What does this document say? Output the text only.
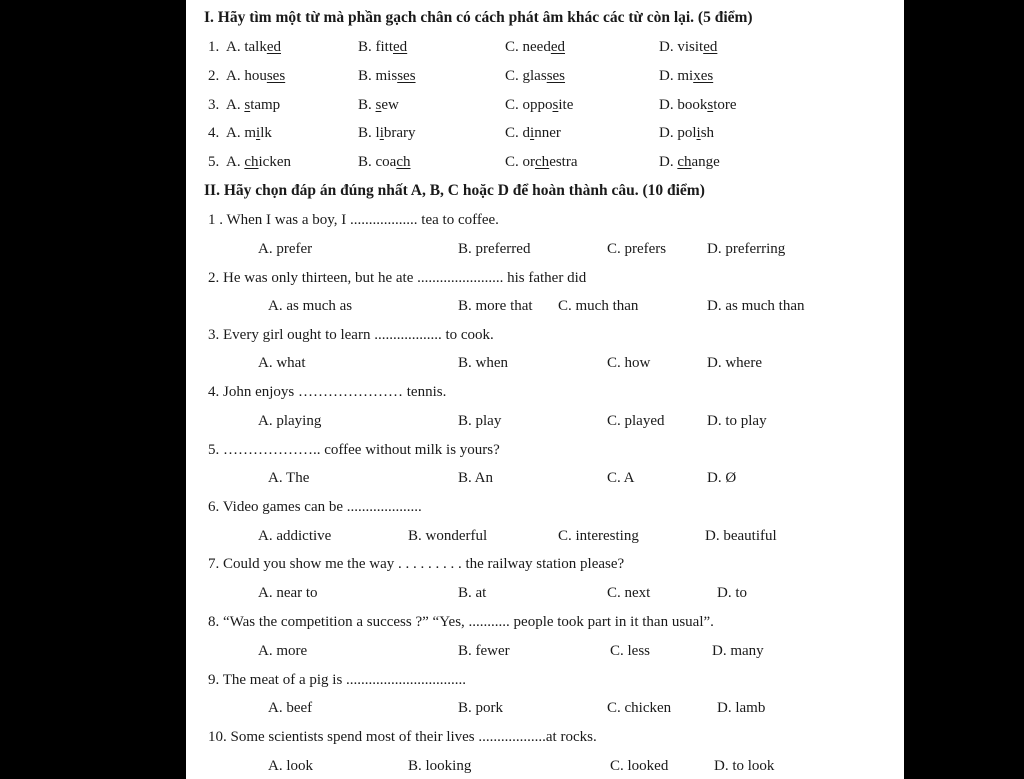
I. Hãy tìm một từ mà phần gạch chân có cách phát âm khác các từ còn lại. (5 điểm)
1. A. talked	B. fitted	C. needed	D. visited
2. A. houses	B. misses	C. glasses	D. mixes
3. A. stamp	B. sew	C. opposite	D. bookstore
4. A. milk	B. library	C. dinner	D. polish
5. A. chicken	B. coach	C. orchestra	D. change
II. Hãy chọn đáp án đúng nhất A, B, C hoặc D để hoàn thành câu. (10 điểm)
1 . When I was a boy, I .................. tea to coffee.
A. prefer	B. preferred	C. prefers	D. preferring
2. He was only thirteen, but he ate ....................... his father did
A. as much as	B. more that C. much than	D. as much than
3. Every girl ought to learn .................. to cook.
A. what	B. when	C. how	D. where
4. John enjoys ………………… tennis.
A. playing	B. play	C. played	D. to play
5. ……………….. coffee without milk is yours?
A. The	B. An	C. A	D. Ø
6. Video games can be ....................
A. addictive	B. wonderful	C. interesting	D. beautiful
7. Could you show me the way . . . . . . . . . the railway station please?
A. near to	B. at	C. next	D. to
8. “Was the competition a success ?” “Yes, ........... people took part in it than usual”.
A. more	B. fewer	C. less	D. many
9. The meat of a pig is ................................
A. beef	B. pork	C. chicken	D. lamb
10. Some scientists spend most of their lives ..................at rocks.
A. look	B. looking	C. looked	D. to look
